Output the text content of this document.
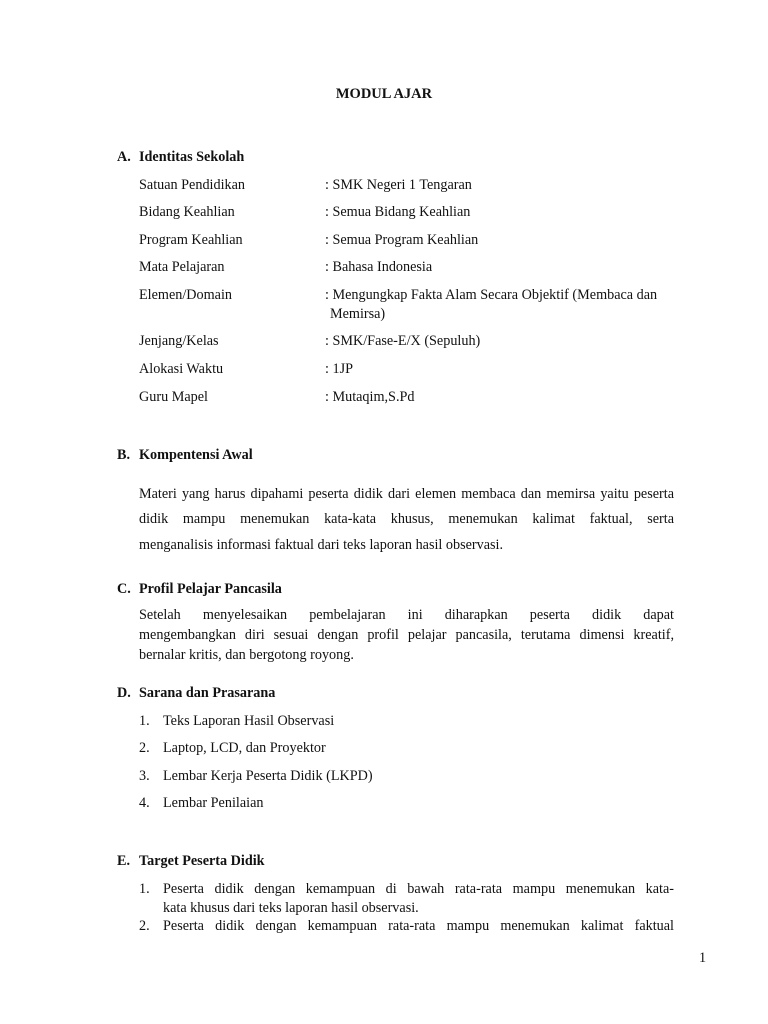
MODUL AJAR
A. Identitas Sekolah
Satuan Pendidikan	: SMK Negeri 1 Tengaran
Bidang Keahlian	: Semua Bidang Keahlian
Program Keahlian	: Semua Program Keahlian
Mata Pelajaran	: Bahasa Indonesia
Elemen/Domain	: Mengungkap Fakta Alam Secara Objektif (Membaca dan
Memirsa)
Jenjang/Kelas	: SMK/Fase-E/X (Sepuluh)
Alokasi Waktu	: 1JP
Guru Mapel	: Mutaqim,S.Pd
B. Kompentensi Awal
Materi yang harus dipahami peserta didik dari elemen membaca dan memirsa yaitu peserta
didik mampu menemukan kata-kata khusus, menemukan kalimat faktual, serta
menganalisis informasi faktual dari teks laporan hasil observasi.
C. Profil Pelajar Pancasila
Setelah menyelesaikan pembelajaran ini diharapkan peserta didik dapat
mengembangkan diri sesuai dengan profil pelajar pancasila, terutama dimensi kreatif,
bernalar kritis, dan bergotong royong.
D. Sarana dan Prasarana
1. Teks Laporan Hasil Observasi
2. Laptop, LCD, dan Proyektor
3. Lembar Kerja Peserta Didik (LKPD)
4. Lembar Penilaian
E. Target Peserta Didik
1. Peserta didik dengan kemampuan di bawah rata-rata mampu menemukan kata-
kata khusus dari teks laporan hasil observasi.
2. Peserta didik dengan kemampuan rata-rata mampu menemukan kalimat faktual
1
